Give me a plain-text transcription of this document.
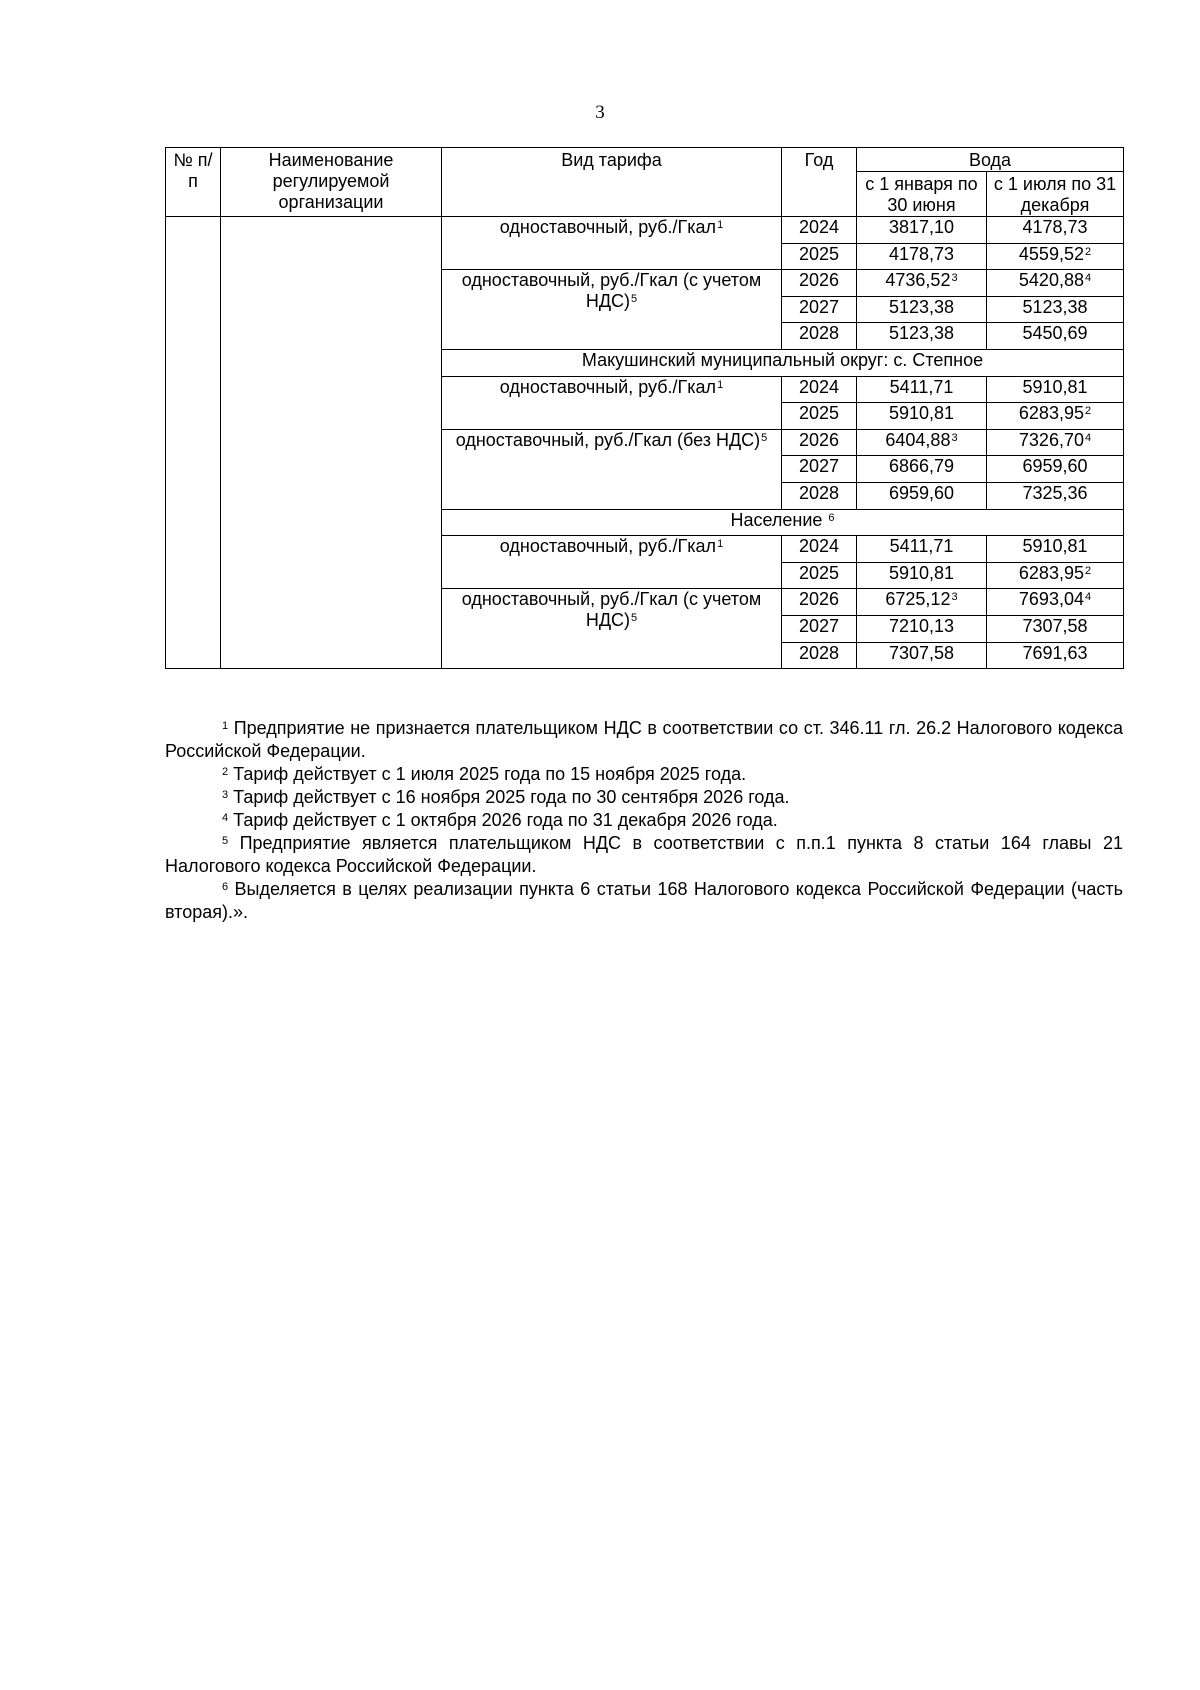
3
№ п/п	Наименование регулируемой организации	Вид тарифа	Год	Вода	
				с 1 января по 30 июня	с 1 июля по 31 декабря
		одноставочный, руб./Гкал$^1$	2024	3817,10	4178,73
			2025	4178,73	4559,52$^2$
		одноставочный, руб./Гкал (с учетом НДС)$^5$	2026	4736,52$^3$	5420,88$^4$
			2027	5123,38	5123,38
			2028	5123,38	5450,69
		Макушинский муниципальный округ: с. Степное			
		одноставочный, руб./Гкал$^1$	2024	5411,71	5910,81
			2025	5910,81	6283,95$^2$
		одноставочный, руб./Гкал (без НДС)$^5$	2026	6404,88$^3$	7326,70$^4$
			2027	6866,79	6959,60
			2028	6959,60	7325,36
		Население $^6$
		одноставочный, руб./Гкал$^1$	2024	5411,71	5910,81
			2025	5910,81	6283,95$^2$
		одноставочный, руб./Гкал (с учетом НДС)$^5$	2026	6725,12$^3$	7693,04$^4$
			2027	7210,13	7307,58
			2028	7307,58	7691,63

$^1$ Предприятие не признается плательщиком НДС в соответствии со ст. 346.11 гл. 26.2 Налогового кодекса Российской Федерации.

$^2$ Тариф действует с 1 июля 2025 года по 15 ноября 2025 года.

$^3$ Тариф действует с 16 ноября 2025 года по 30 сентября 2026 года.

$^4$ Тариф действует с 1 октября 2026 года по 31 декабря 2026 года.

$^5$ Предприятие является плательщиком НДС в соответствии с п.п.1 пункта 8 статьи 164 главы 21 Налогового кодекса Российской Федерации.

$^6$ Выделяется в целях реализации пункта 6 статьи 168 Налогового кодекса Российской Федерации (часть вторая).».
